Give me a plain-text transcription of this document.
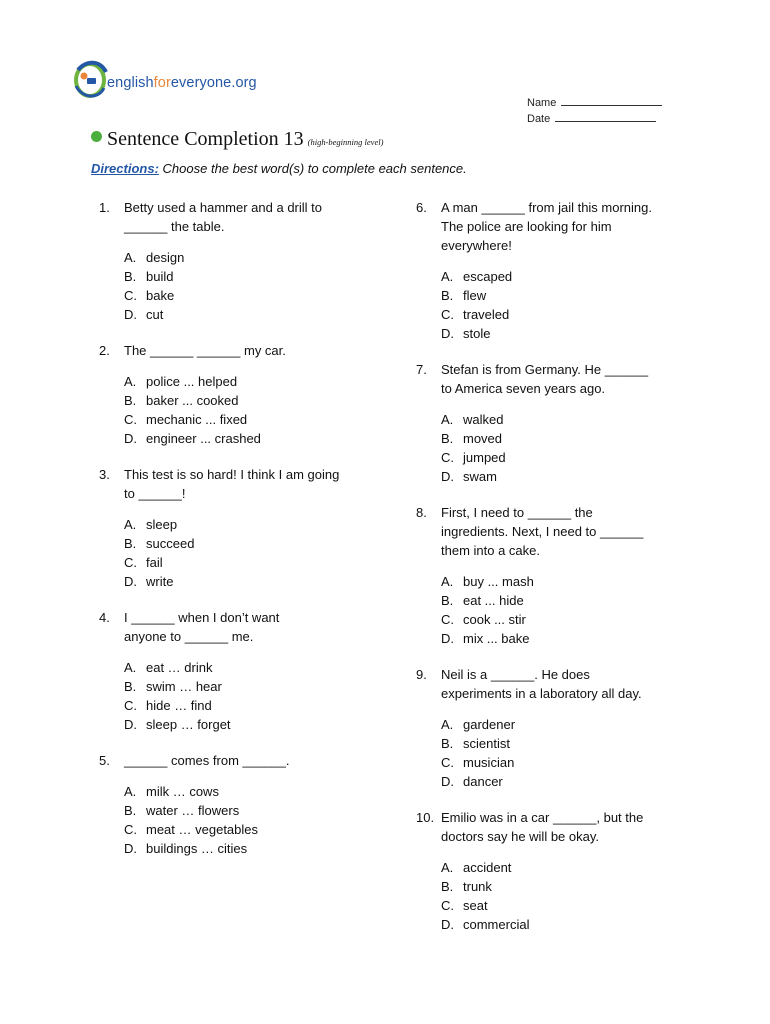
englishforeveryone.org
Name
Date
Sentence Completion 13 (high-beginning level)
Directions: Choose the best word(s) to complete each sentence.
1.	Betty used a hammer and a drill to
______ the table.
A. design
B. build
C. bake
D. cut
2.	The ______ ______ my car.
A. police ... helped
B. baker ... cooked
C. mechanic ... fixed
D. engineer ... crashed
3.	This test is so hard! I think I am going
to ______!
A. sleep
B. succeed
C. fail
D. write
4.	I ______ when I don’t want
anyone to ______ me.
A. eat … drink
B. swim … hear
C. hide … find
D. sleep … forget
5.	______ comes from ______.
A. milk … cows
B. water … flowers
C. meat … vegetables
D. buildings … cities
6.	A man ______ from jail this morning.
The police are looking for him
everywhere!
A. escaped
B. flew
C. traveled
D. stole
7.	Stefan is from Germany. He ______
to America seven years ago.
A. walked
B. moved
C. jumped
D. swam
8.	First, I need to ______ the
ingredients. Next, I need to ______
them into a cake.
A. buy ... mash
B. eat ... hide
C. cook ... stir
D. mix ... bake
9.	Neil is a ______. He does
experiments in a laboratory all day.
A. gardener
B. scientist
C. musician
D. dancer
10. Emilio was in a car ______, but the
doctors say he will be okay.
A. accident
B. trunk
C. seat
D. commercial
